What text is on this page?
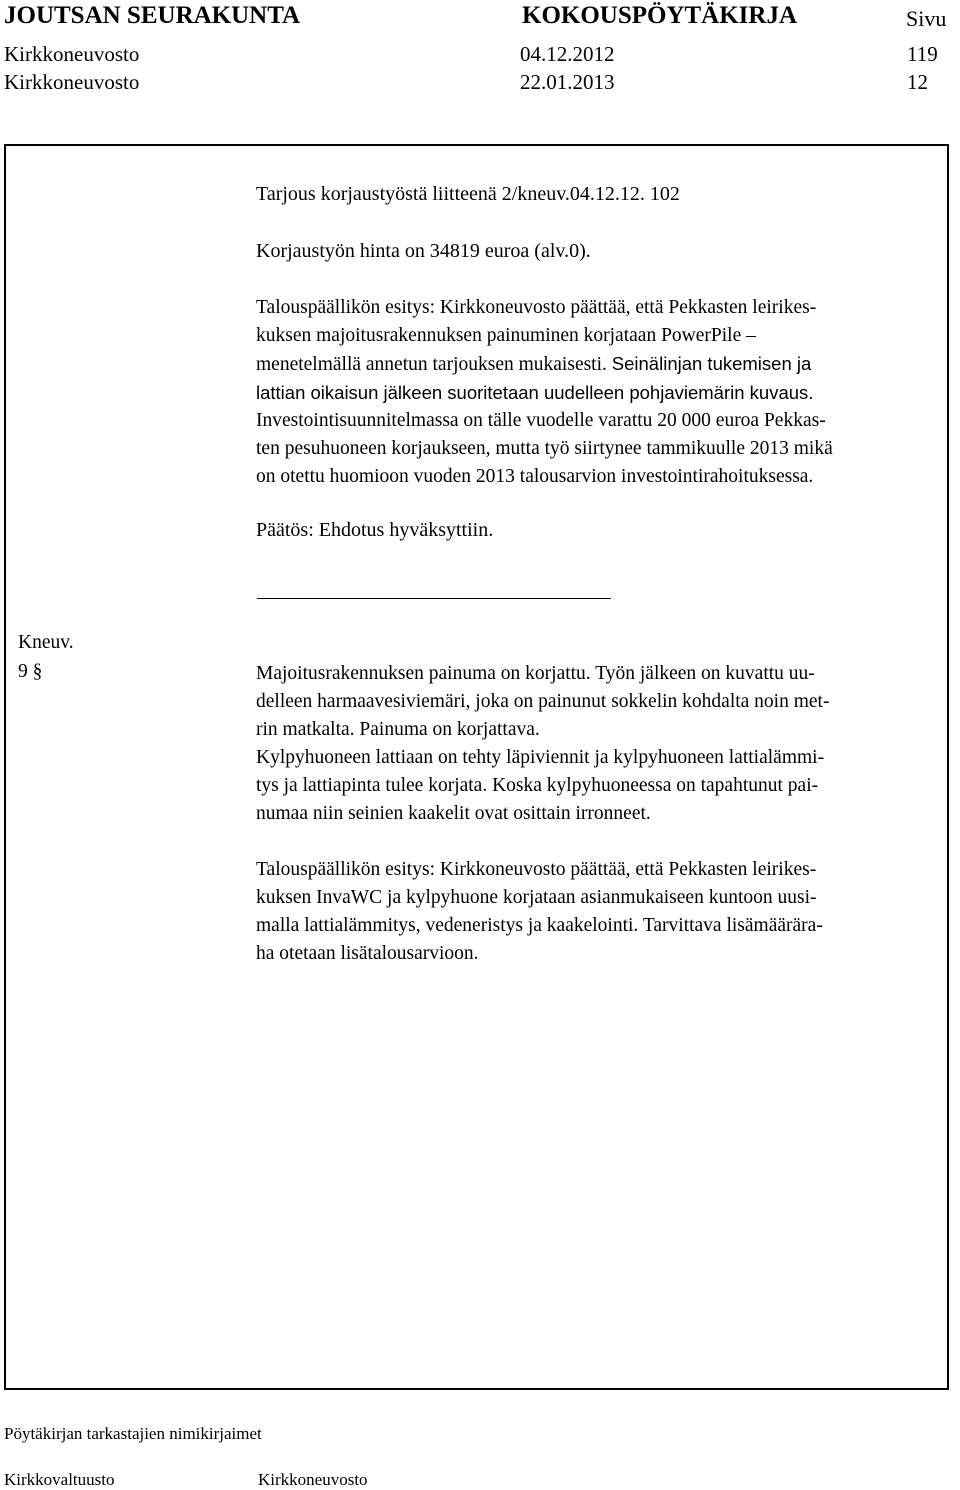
JOUTSAN SEURAKUNTA	KOKOUSPÖYTÄKIRJA	Sivu
Kirkkoneuvosto	04.12.2012	119
Kirkkoneuvosto	22.01.2013	12
Tarjous korjaustyöstä liitteenä 2/kneuv.04.12.12. 102
Korjaustyön hinta on 34819 euroa (alv.0).
Talouspäällikön esitys: Kirkkoneuvosto päättää, että Pekkasten leirikes-
kuksen majoitusrakennuksen painuminen korjataan PowerPile –
menetelmällä annetun tarjouksen mukaisesti. Seinälinjan tukemisen ja
lattian oikaisun jälkeen suoritetaan uudelleen pohjaviemärin kuvaus.
Investointisuunnitelmassa on tälle vuodelle varattu 20 000 euroa Pekkas-
ten pesuhuoneen korjaukseen, mutta työ siirtynee tammikuulle 2013 mikä
on otettu huomioon vuoden 2013 talousarvion investointirahoituksessa.
Päätös: Ehdotus hyväksyttiin.
Kneuv.
9 §	Majoitusrakennuksen painuma on korjattu. Työn jälkeen on kuvattu uu-
delleen harmaavesiviemäri, joka on painunut sokkelin kohdalta noin met-
rin matkalta. Painuma on korjattava.
Kylpyhuoneen lattiaan on tehty läpiviennit ja kylpyhuoneen lattialämmi-
tys ja lattiapinta tulee korjata. Koska kylpyhuoneessa on tapahtunut pai-
numaa niin seinien kaakelit ovat osittain irronneet.
Talouspäällikön esitys: Kirkkoneuvosto päättää, että Pekkasten leirikes-
kuksen InvaWC ja kylpyhuone korjataan asianmukaiseen kuntoon uusi-
malla lattialämmitys, vedeneristys ja kaakelointi. Tarvittava lisämäärära-
ha otetaan lisätalousarvioon.
Pöytäkirjan tarkastajien nimikirjaimet
Kirkkovaltuusto	Kirkkoneuvosto
